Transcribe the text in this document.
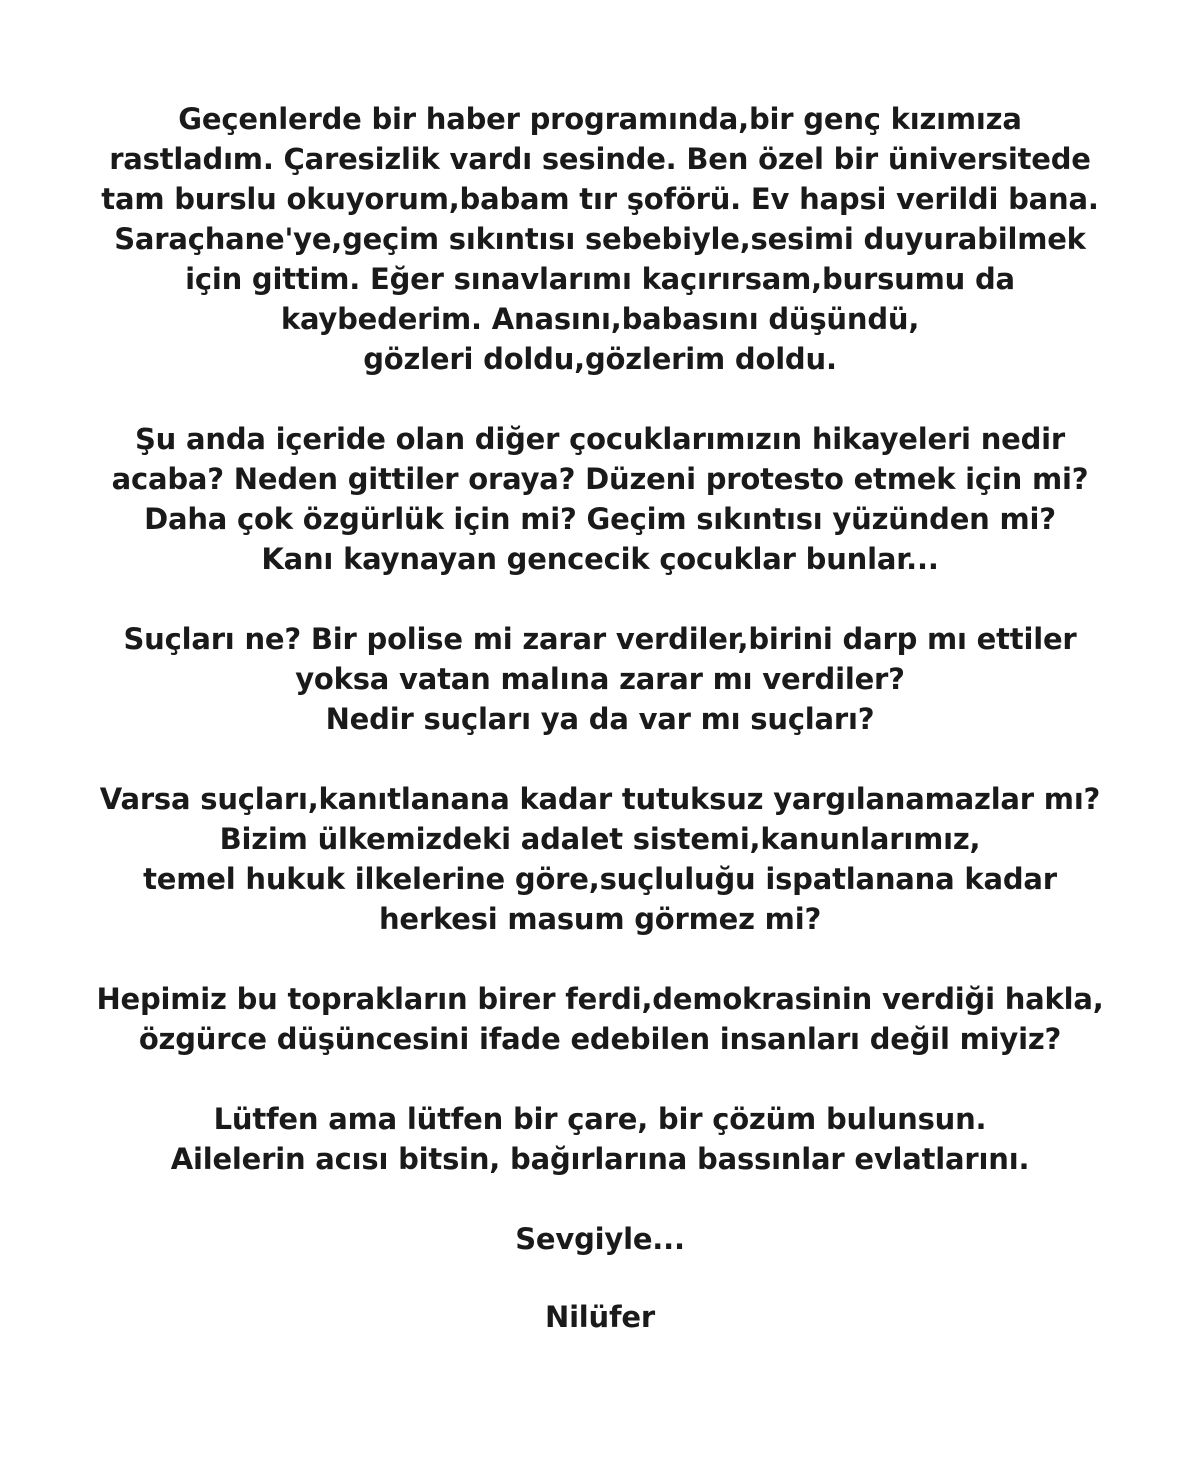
Geçenlerde bir haber programında,bir genç kızımıza
rastladım. Çaresizlik vardı sesinde. Ben özel bir üniversitede
tam burslu okuyorum,babam tır şoförü. Ev hapsi verildi bana.
Saraçhane'ye,geçim sıkıntısı sebebiyle,sesimi duyurabilmek
için gittim. Eğer sınavlarımı kaçırırsam,bursumu da
kaybederim. Anasını,babasını düşündü,
gözleri doldu,gözlerim doldu.

Şu anda içeride olan diğer çocuklarımızın hikayeleri nedir
acaba? Neden gittiler oraya? Düzeni protesto etmek için mi?
Daha çok özgürlük için mi? Geçim sıkıntısı yüzünden mi?
Kanı kaynayan gencecik çocuklar bunlar...

Suçları ne? Bir polise mi zarar verdiler,birini darp mı ettiler
yoksa vatan malına zarar mı verdiler?
Nedir suçları ya da var mı suçları?

Varsa suçları,kanıtlanana kadar tutuksuz yargılanamazlar mı?
Bizim ülkemizdeki adalet sistemi,kanunlarımız,
temel hukuk ilkelerine göre,suçluluğu ispatlanana kadar
herkesi masum görmez mi?

Hepimiz bu toprakların birer ferdi,demokrasinin verdiği hakla,
özgürce düşüncesini ifade edebilen insanları değil miyiz?

Lütfen ama lütfen bir çare, bir çözüm bulunsun.
Ailelerin acısı bitsin, bağırlarına bassınlar evlatlarını.

Sevgiyle...

Nilüfer
